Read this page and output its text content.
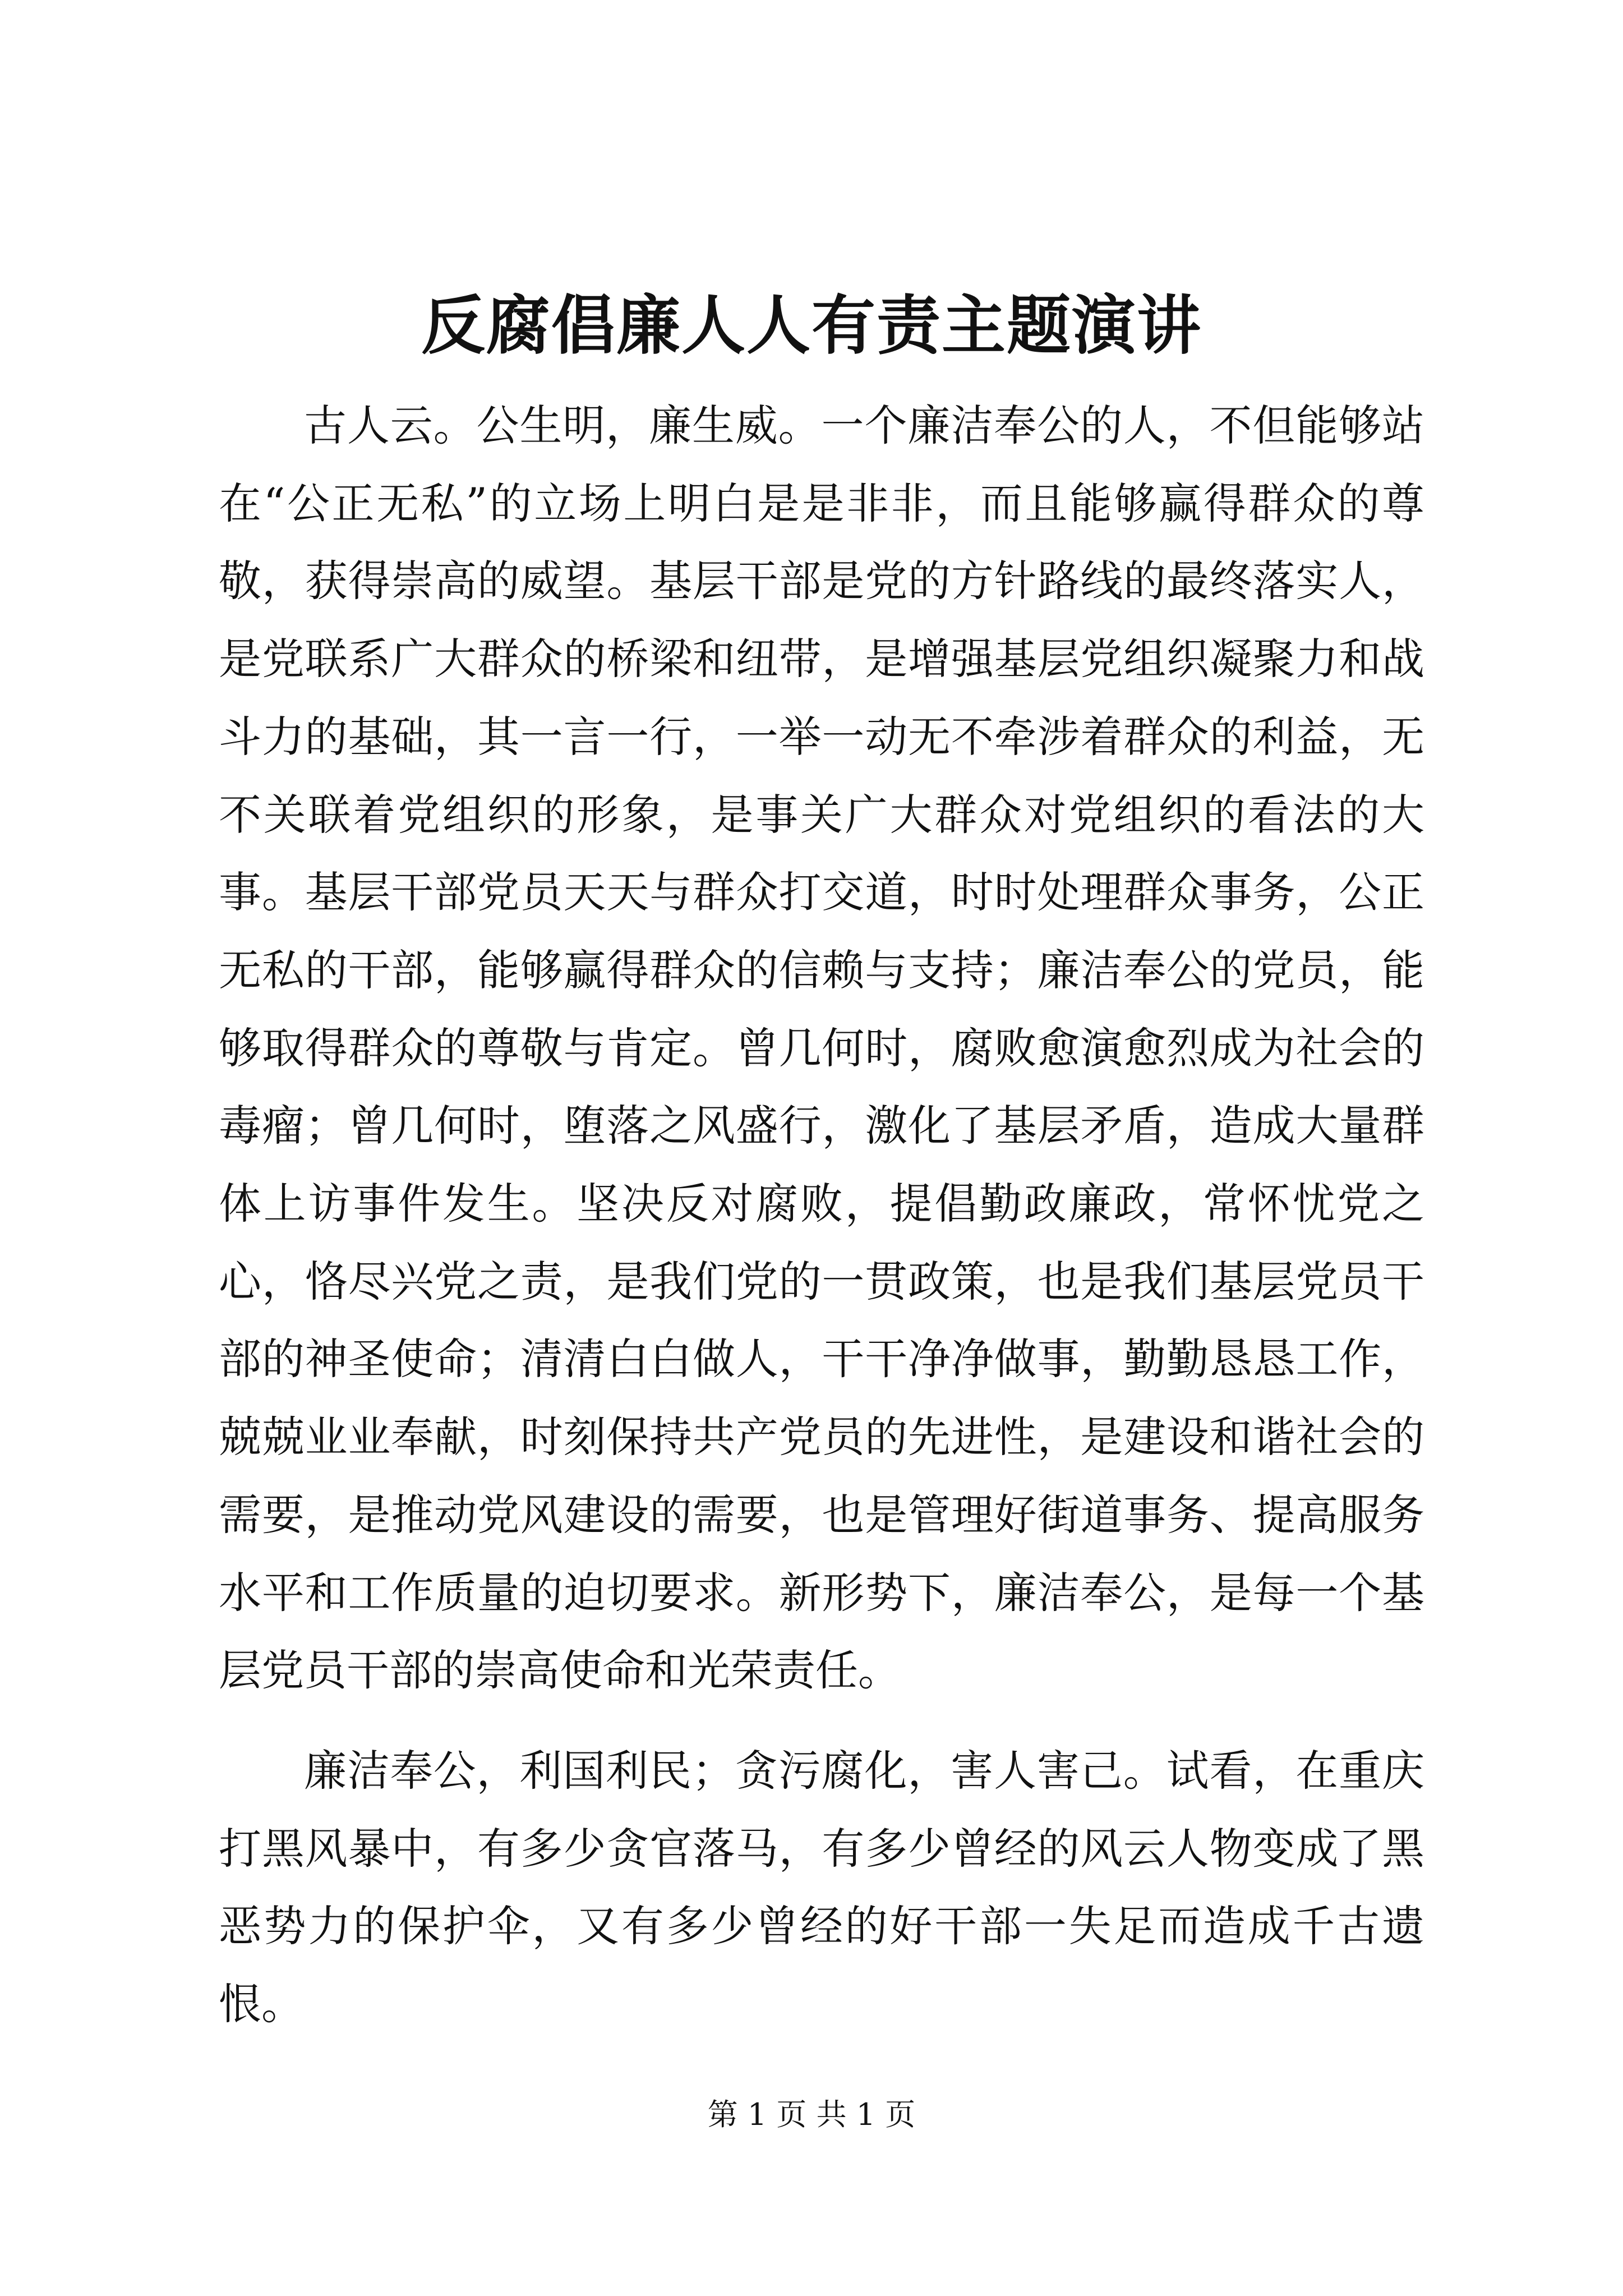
反腐倡廉人人有责主题演讲

古人云。公生明，廉生威。一个廉洁奉公的人，不但能够站在“公正无私”的立场上明白是是非非，而且能够赢得群众的尊敬，获得崇高的威望。基层干部是党的方针路线的最终落实人，是党联系广大群众的桥梁和纽带，是增强基层党组织凝聚力和战斗力的基础，其一言一行，一举一动无不牵涉着群众的利益，无不关联着党组织的形象，是事关广大群众对党组织的看法的大事。基层干部党员天天与群众打交道，时时处理群众事务，公正无私的干部，能够赢得群众的信赖与支持；廉洁奉公的党员，能够取得群众的尊敬与肯定。曾几何时，腐败愈演愈烈成为社会的毒瘤；曾几何时，堕落之风盛行，激化了基层矛盾，造成大量群体上访事件发生。坚决反对腐败，提倡勤政廉政，常怀忧党之心，恪尽兴党之责，是我们党的一贯政策，也是我们基层党员干部的神圣使命；清清白白做人，干干净净做事，勤勤恳恳工作，兢兢业业奉献，时刻保持共产党员的先进性，是建设和谐社会的需要，是推动党风建设的需要，也是管理好街道事务、提高服务水平和工作质量的迫切要求。新形势下，廉洁奉公，是每一个基层党员干部的崇高使命和光荣责任。

廉洁奉公，利国利民；贪污腐化，害人害己。试看，在重庆打黑风暴中，有多少贪官落马，有多少曾经的风云人物变成了黑恶势力的保护伞，又有多少曾经的好干部一失足而造成千古遗恨。

第 1 页 共 1 页
